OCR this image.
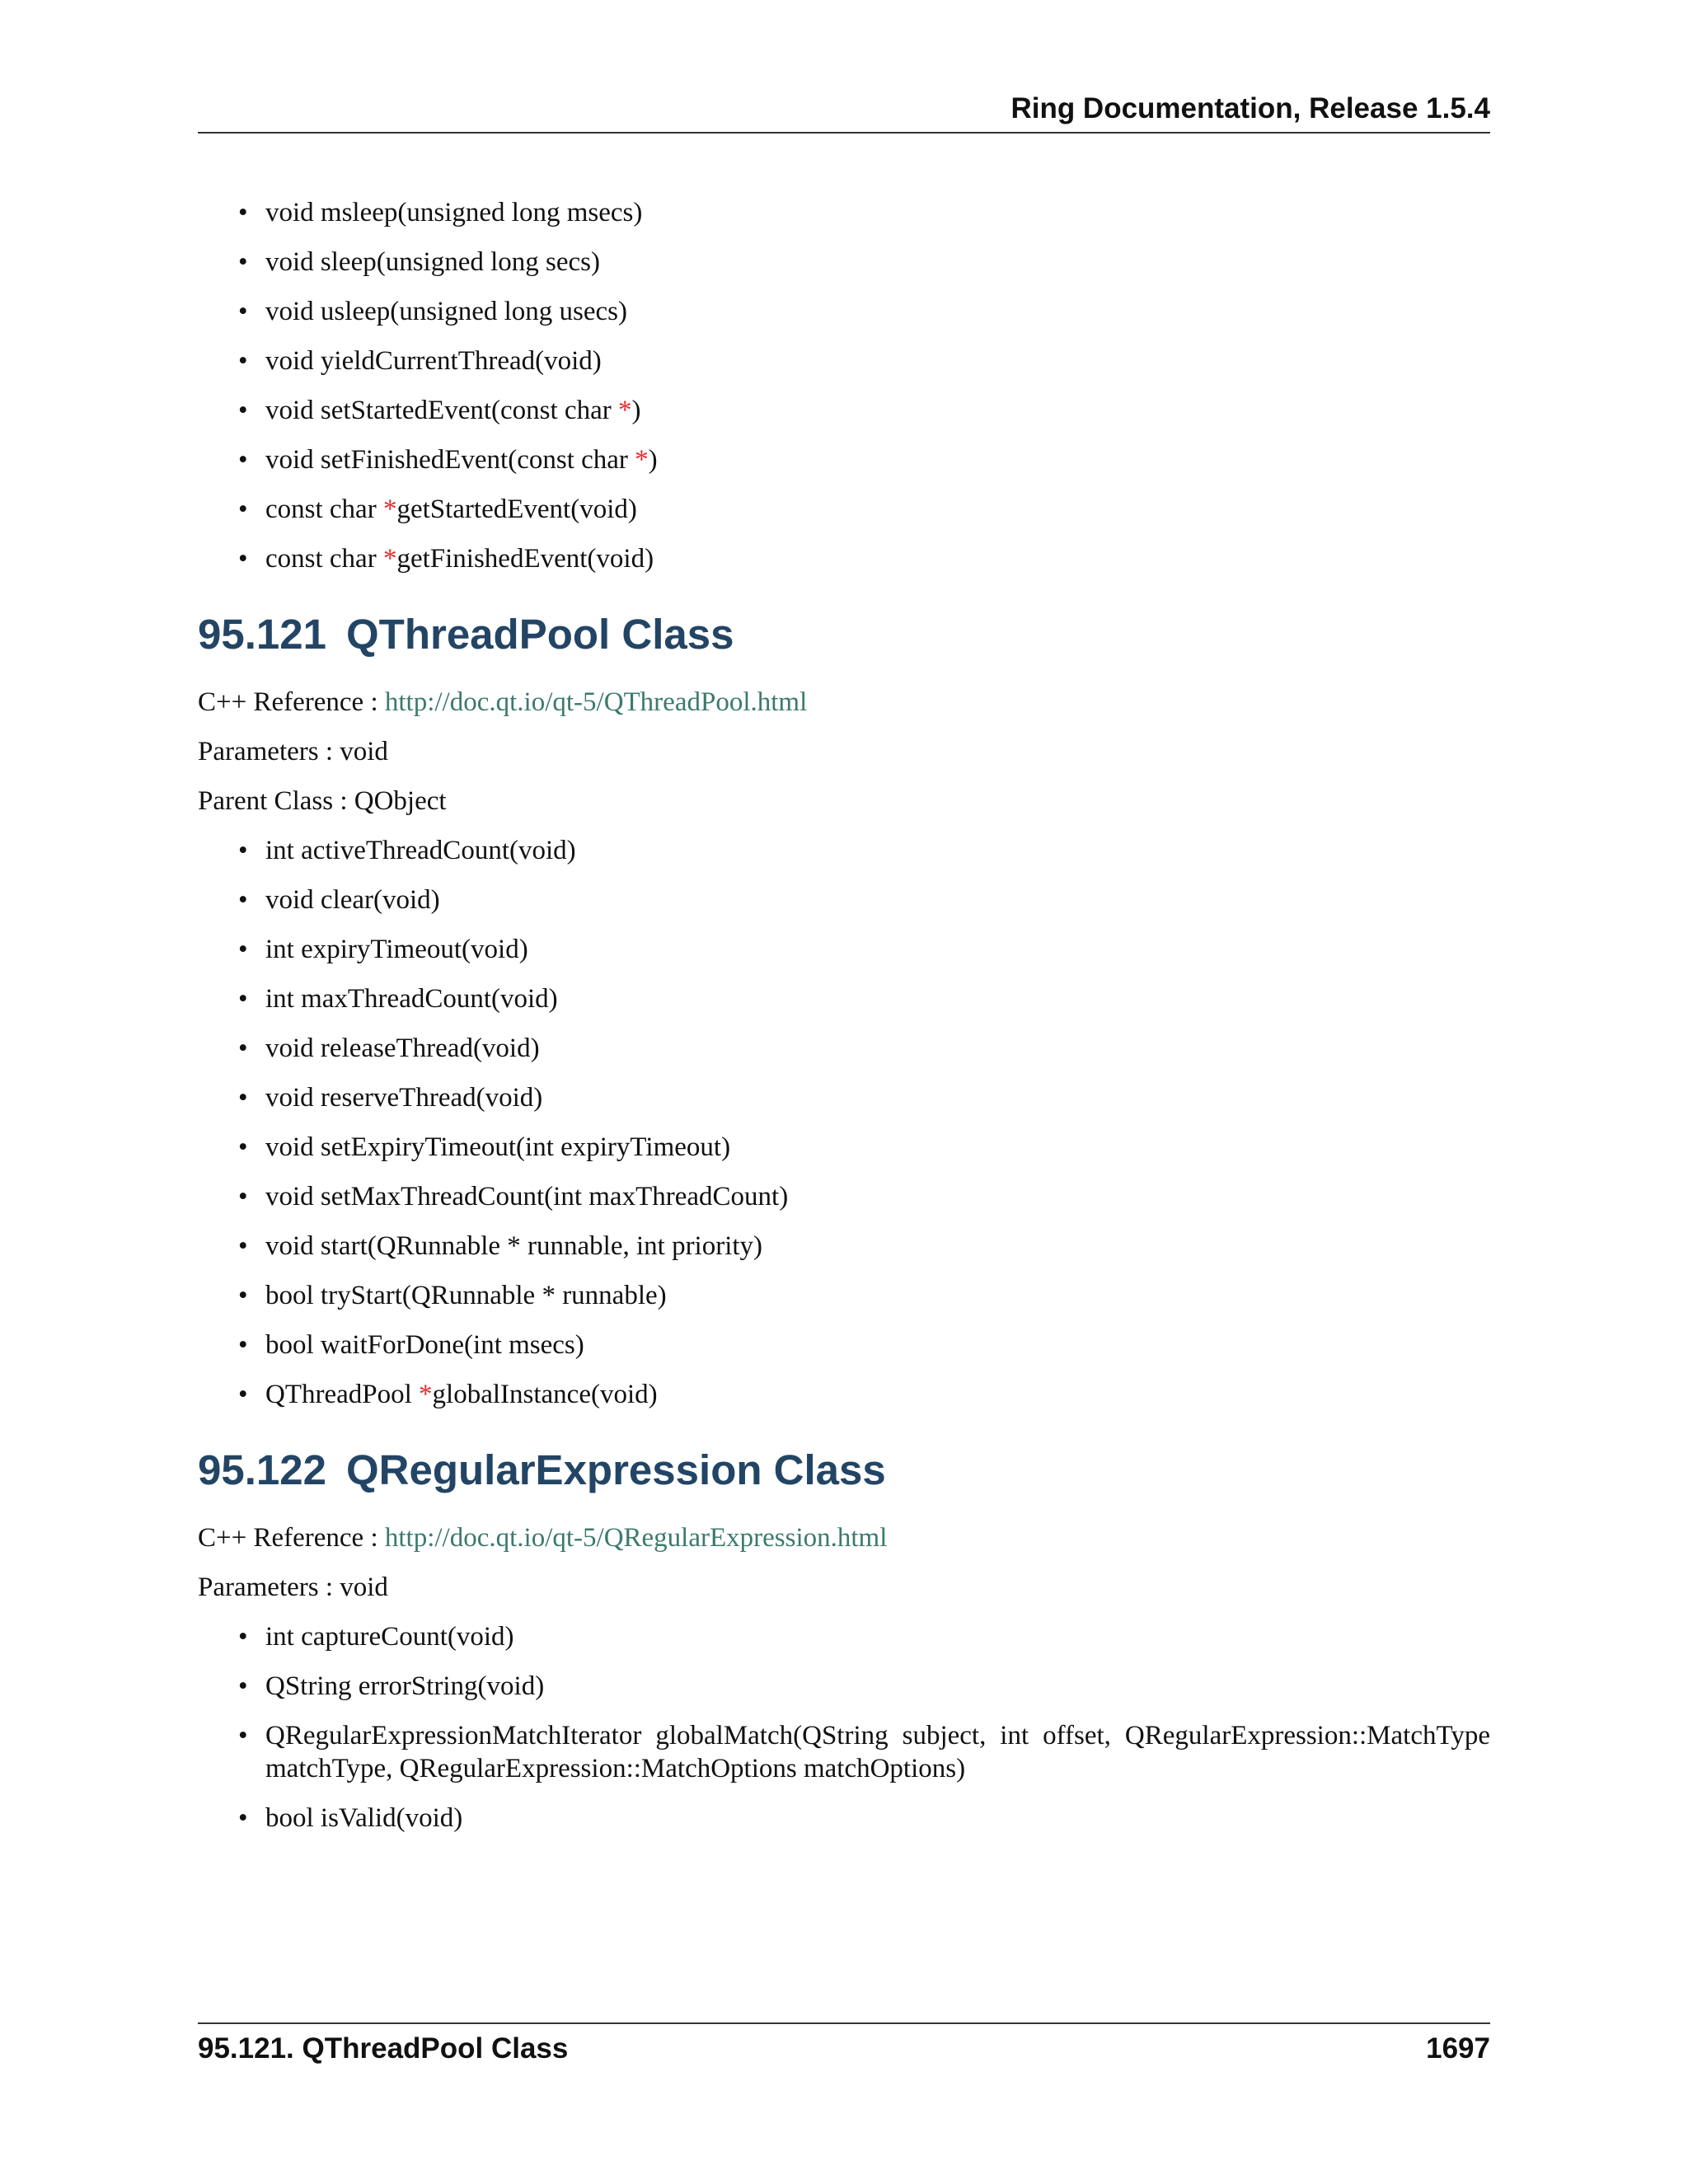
Ring Documentation, Release 1.5.4
• void msleep(unsigned long msecs)
• void sleep(unsigned long secs)
• void usleep(unsigned long usecs)
• void yieldCurrentThread(void)
• void setStartedEvent(const char *)
• void setFinishedEvent(const char *)
• const char *getStartedEvent(void)
• const char *getFinishedEvent(void)
95.121 QThreadPool Class

C++ Reference : http://doc.qt.io/qt-5/QThreadPool.html

Parameters : void

Parent Class : QObject

• int activeThreadCount(void)
• void clear(void)
• int expiryTimeout(void)
• int maxThreadCount(void)
• void releaseThread(void)
• void reserveThread(void)
• void setExpiryTimeout(int expiryTimeout)
• void setMaxThreadCount(int maxThreadCount)
• void start(QRunnable * runnable, int priority)
• bool tryStart(QRunnable * runnable)
• bool waitForDone(int msecs)
• QThreadPool *globalInstance(void)
95.122 QRegularExpression Class

C++ Reference : http://doc.qt.io/qt-5/QRegularExpression.html

Parameters : void

• int captureCount(void)
• QString errorString(void)
• QRegularExpressionMatchIterator globalMatch(QString subject, int offset, QRegularExpression::MatchType matchType, QRegularExpression::MatchOptions matchOptions)
• bool isValid(void)
95.121. QThreadPool Class	1697
